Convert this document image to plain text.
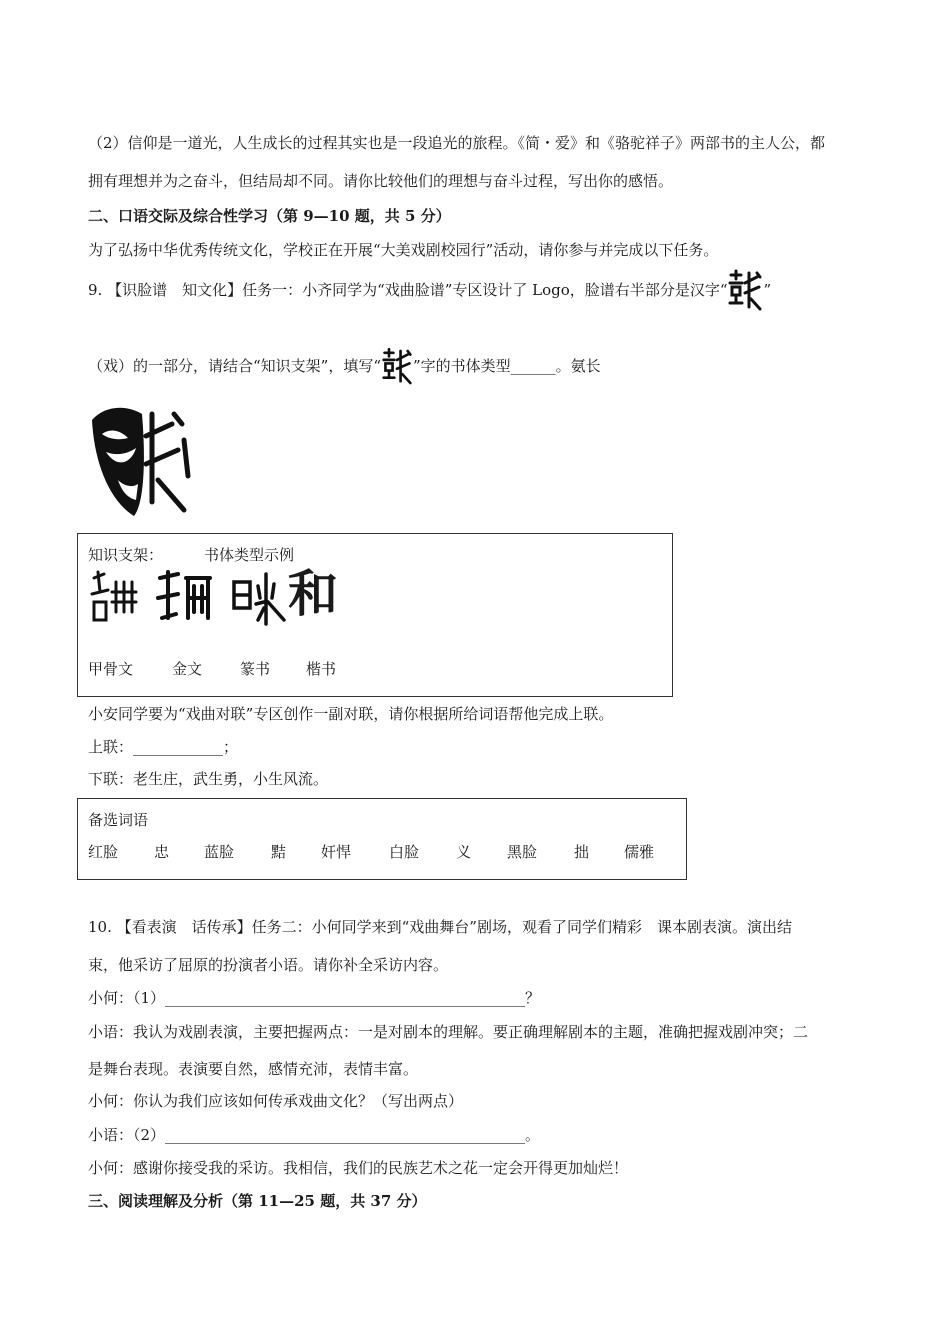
（2）信仰是一道光，人生成长的过程其实也是一段追光的旅程。《简・爱》和《骆驼祥子》两部书的主人公，都
拥有理想并为之奋斗，但结局却不同。请你比较他们的理想与奋斗过程，写出你的感悟。
二、口语交际及综合性学习（第 9—10 题，共 5 分）
为了弘扬中华优秀传统文化，学校正在开展“大美戏剧校园行”活动，请你参与并完成以下任务。
9. 【识脸谱　知文化】任务一：小齐同学为“戏曲脸谱”专区设计了 Logo，脸谱右半部分是汉字“ ”
（戏）的一部分，请结合“知识支架”，填写“ ”字的书体类型______。氨长
知识支架：	书体类型示例
和
甲骨文	金文	篆书 楷书
小安同学要为“戏曲对联”专区创作一副对联，请你根据所给词语帮他完成上联。
上联：____________；
下联：老生庄，武生勇，小生风流。
备选词语
红脸 忠 蓝脸 黠 奸悍	白脸 义 黑脸 拙 儒雅
10. 【看表演　话传承】任务二：小何同学来到“戏曲舞台”剧场，观看了同学们精彩　课本剧表演。演出结
束，他采访了屈原的扮演者小语。请你补全采访内容。
小何：（1）________________________________________________？
小语：我认为戏剧表演，主要把握两点：一是对剧本的理解。要正确理解剧本的主题，准确把握戏剧冲突；二
是舞台表现。表演要自然，感情充沛，表情丰富。
小何：你认为我们应该如何传承戏曲文化？（写出两点）
小语：（2）________________________________________________。
小何：感谢你接受我的采访。我相信，我们的民族艺术之花一定会开得更加灿烂！
三、阅读理解及分析（第 11—25 题，共 37 分）
